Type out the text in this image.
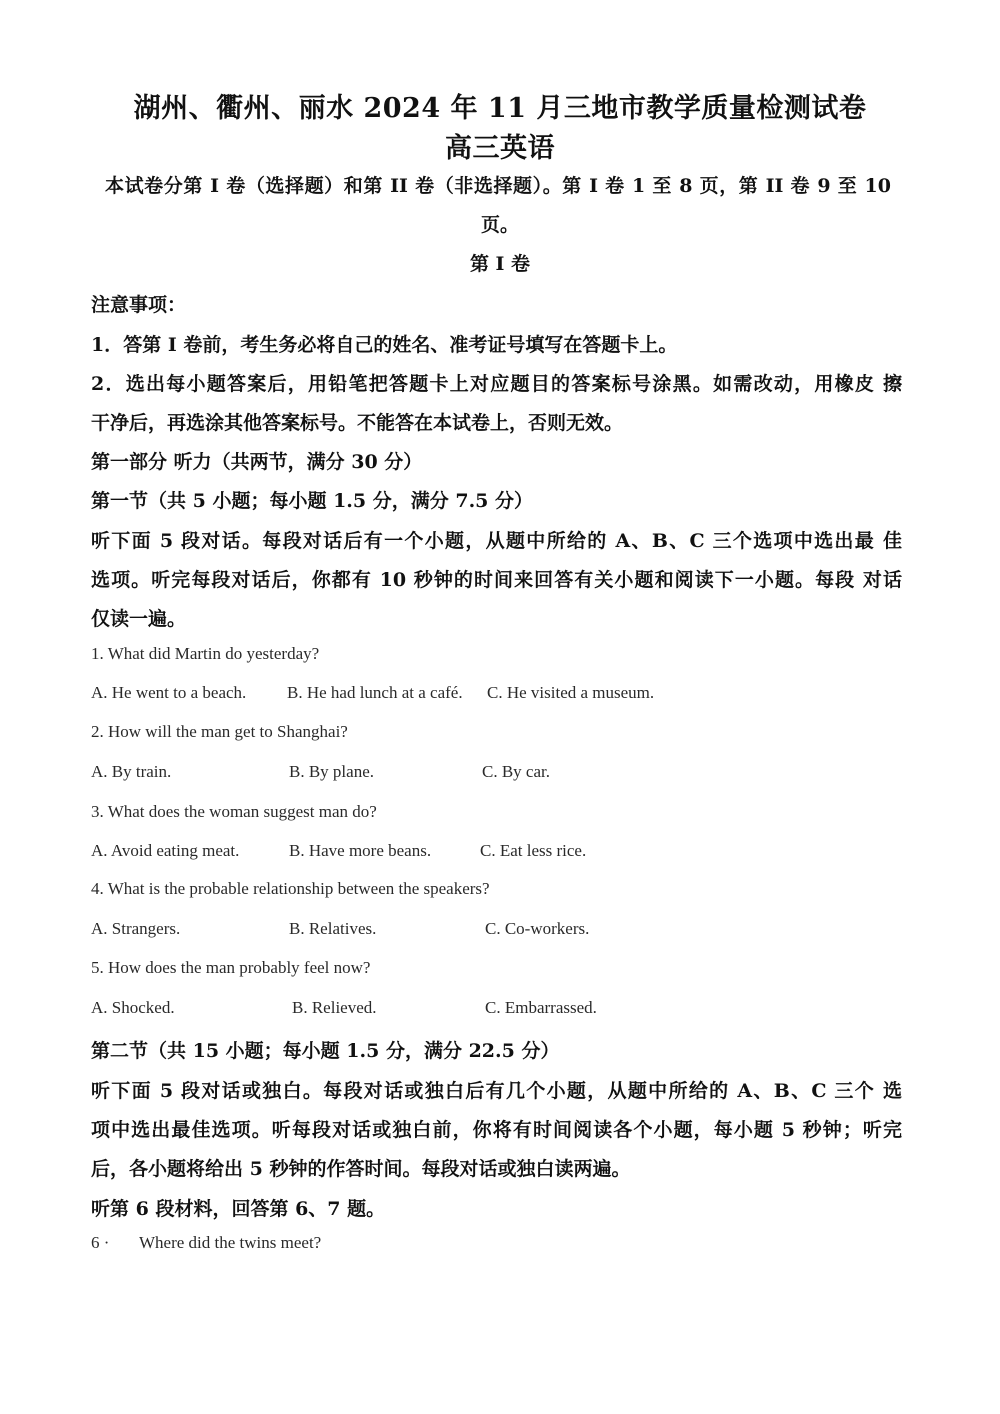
湖州、衢州、丽水 2024 年 11 月三地市教学质量检测试卷
高三英语
本试卷分第 I 卷（选择题）和第 II 卷（非选择题）。第 I 卷 1 至 8 页，第 II 卷 9 至 10
页。
第 Ⅰ 卷
注意事项：
1．答第 I 卷前，考生务必将自己的姓名、准考证号填写在答题卡上。
2．选出每小题答案后，用铅笔把答题卡上对应题目的答案标号涂黑。如需改动，用橡皮 擦
干净后，再选涂其他答案标号。不能答在本试卷上，否则无效。
第一部分 听力（共两节，满分 30 分）
第一节（共 5 小题；每小题 1.5 分，满分 7.5 分）
听下面 5 段对话。每段对话后有一个小题，从题中所给的 A、B、C 三个选项中选出最 佳
选项。听完每段对话后，你都有 10 秒钟的时间来回答有关小题和阅读下一小题。每段 对话
仅读一遍。
1. What did Martin do yesterday?
A. He went to a beach. B. He had lunch at a café. C. He visited a museum.
2. How will the man get to Shanghai?
A. By train.	B. By plane.	C. By car.
3. What does the woman suggest man do?
A. Avoid eating meat.	B. Have more beans.	C. Eat less rice.
4. What is the probable relationship between the speakers?
A. Strangers.	B. Relatives.	C. Co-workers.
5. How does the man probably feel now?
A. Shocked.	B. Relieved.	C. Embarrassed.
第二节（共 15 小题；每小题 1.5 分，满分 22.5 分）
听下面 5 段对话或独白。每段对话或独白后有几个小题，从题中所给的 A、B、C 三个 选
项中选出最佳选项。听每段对话或独白前，你将有时间阅读各个小题，每小题 5 秒钟；听完
后，各小题将给出 5 秒钟的作答时间。每段对话或独白读两遍。
听第 6 段材料，回答第 6、7 题。
6 · Where did the twins meet?
